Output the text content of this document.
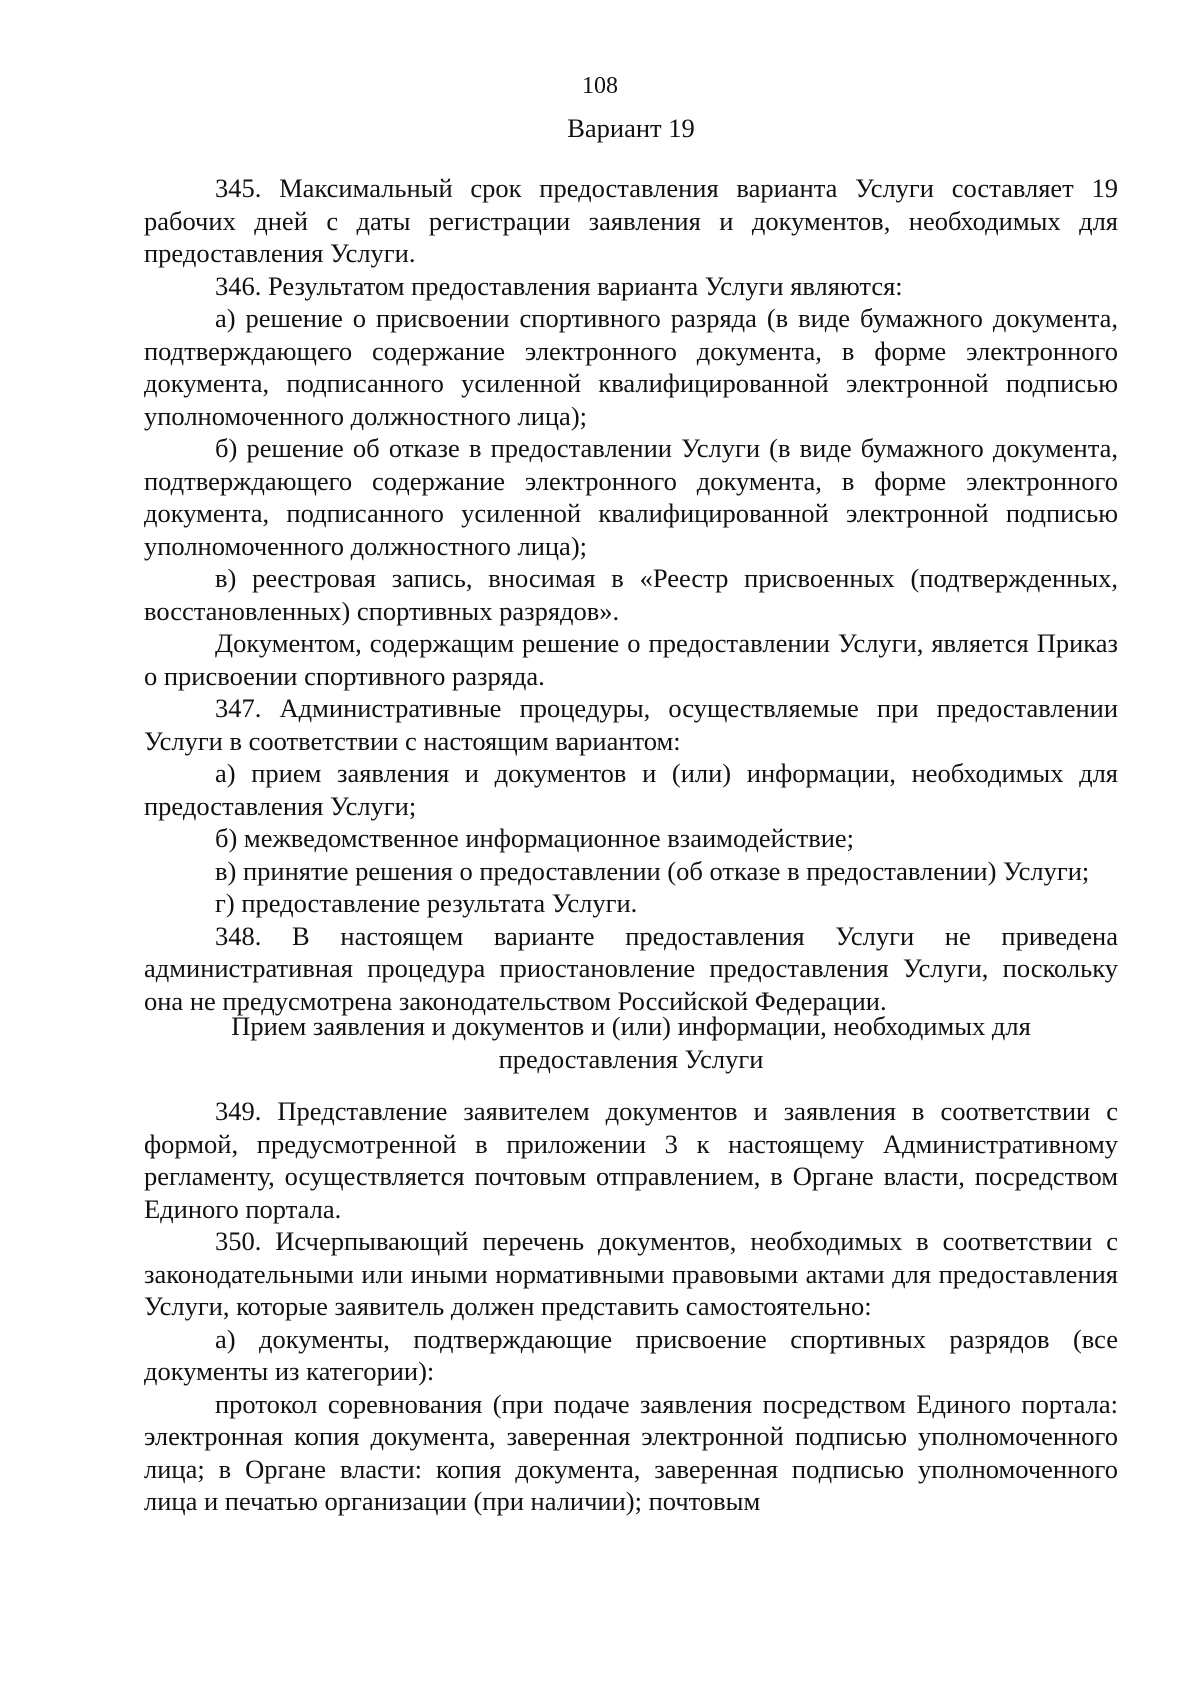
108
Вариант 19

345. Максимальный срок предоставления варианта Услуги составляет 19 рабочих дней с даты регистрации заявления и документов, необходимых для предоставления Услуги.

346. Результатом предоставления варианта Услуги являются:

а) решение о присвоении спортивного разряда (в виде бумажного документа, подтверждающего содержание электронного документа, в форме электронного документа, подписанного усиленной квалифицированной электронной подписью уполномоченного должностного лица);

б) решение об отказе в предоставлении Услуги (в виде бумажного документа, подтверждающего содержание электронного документа, в форме электронного документа, подписанного усиленной квалифицированной электронной подписью уполномоченного должностного лица);

в) реестровая запись, вносимая в «Реестр присвоенных (подтвержденных, восстановленных) спортивных разрядов».

Документом, содержащим решение о предоставлении Услуги, является Приказ о присвоении спортивного разряда.

347. Административные процедуры, осуществляемые при предоставлении Услуги в соответствии с настоящим вариантом:

а) прием заявления и документов и (или) информации, необходимых для предоставления Услуги;

б) межведомственное информационное взаимодействие;

в) принятие решения о предоставлении (об отказе в предоставлении) Услуги;

г) предоставление результата Услуги.

348. В настоящем варианте предоставления Услуги не приведена административная процедура приостановление предоставления Услуги, поскольку она не предусмотрена законодательством Российской Федерации.

Прием заявления и документов и (или) информации, необходимых для
предоставления Услуги

349. Представление заявителем документов и заявления в соответствии с формой, предусмотренной в приложении 3 к настоящему Административному регламенту, осуществляется почтовым отправлением, в Органе власти, посредством Единого портала.

350. Исчерпывающий перечень документов, необходимых в соответствии с законодательными или иными нормативными правовыми актами для предоставления Услуги, которые заявитель должен представить самостоятельно:

а) документы, подтверждающие присвоение спортивных разрядов (все документы из категории):

протокол соревнования (при подаче заявления посредством Единого портала: электронная копия документа, заверенная электронной подписью уполномоченного лица; в Органе власти: копия документа, заверенная подписью уполномоченного лица и печатью организации (при наличии); почтовым
